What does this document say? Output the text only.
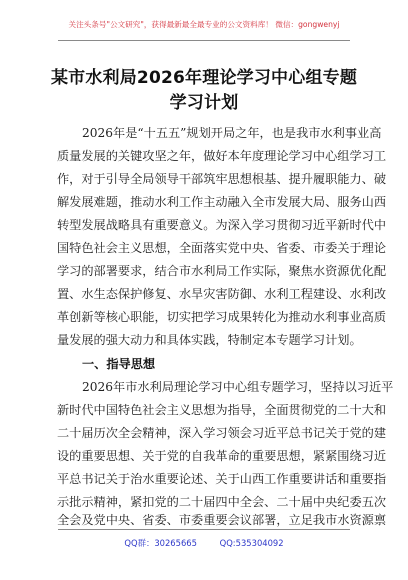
关注头条号"公文研究"，获得最新最全最专业的公文资料库！ 微信：gongwenyj
某市水利局2026年理论学习中心组专题
学习计划
2026年是“十五五”规划开局之年，也是我市水利事业高
质量发展的关键攻坚之年，做好本年度理论学习中心组学习工
作，对于引导全局领导干部筑牢思想根基、提升履职能力、破
解发展难题，推动水利工作主动融入全市发展大局、服务山西
转型发展战略具有重要意义。为深入学习贯彻习近平新时代中
国特色社会主义思想，全面落实党中央、省委、市委关于理论
学习的部署要求，结合市水利局工作实际，聚焦水资源优化配
置、水生态保护修复、水旱灾害防御、水利工程建设、水利改
革创新等核心职能，切实把学习成果转化为推动水利事业高质
量发展的强大动力和具体实践，特制定本专题学习计划。
一、指导思想
2026年市水利局理论学习中心组专题学习，坚持以习近平
新时代中国特色社会主义思想为指导，全面贯彻党的二十大和
二十届历次全会精神，深入学习领会习近平总书记关于党的建
设的重要思想、关于党的自我革命的重要思想，紧紧围绕习近
平总书记关于治水重要论述、关于山西工作重要讲话和重要指
示批示精神，紧扣党的二十届四中全会、二十届中央纪委五次
全会及党中央、省委、市委重要会议部署，立足我市水资源禀
QQ群：30265665	QQ:535304092
